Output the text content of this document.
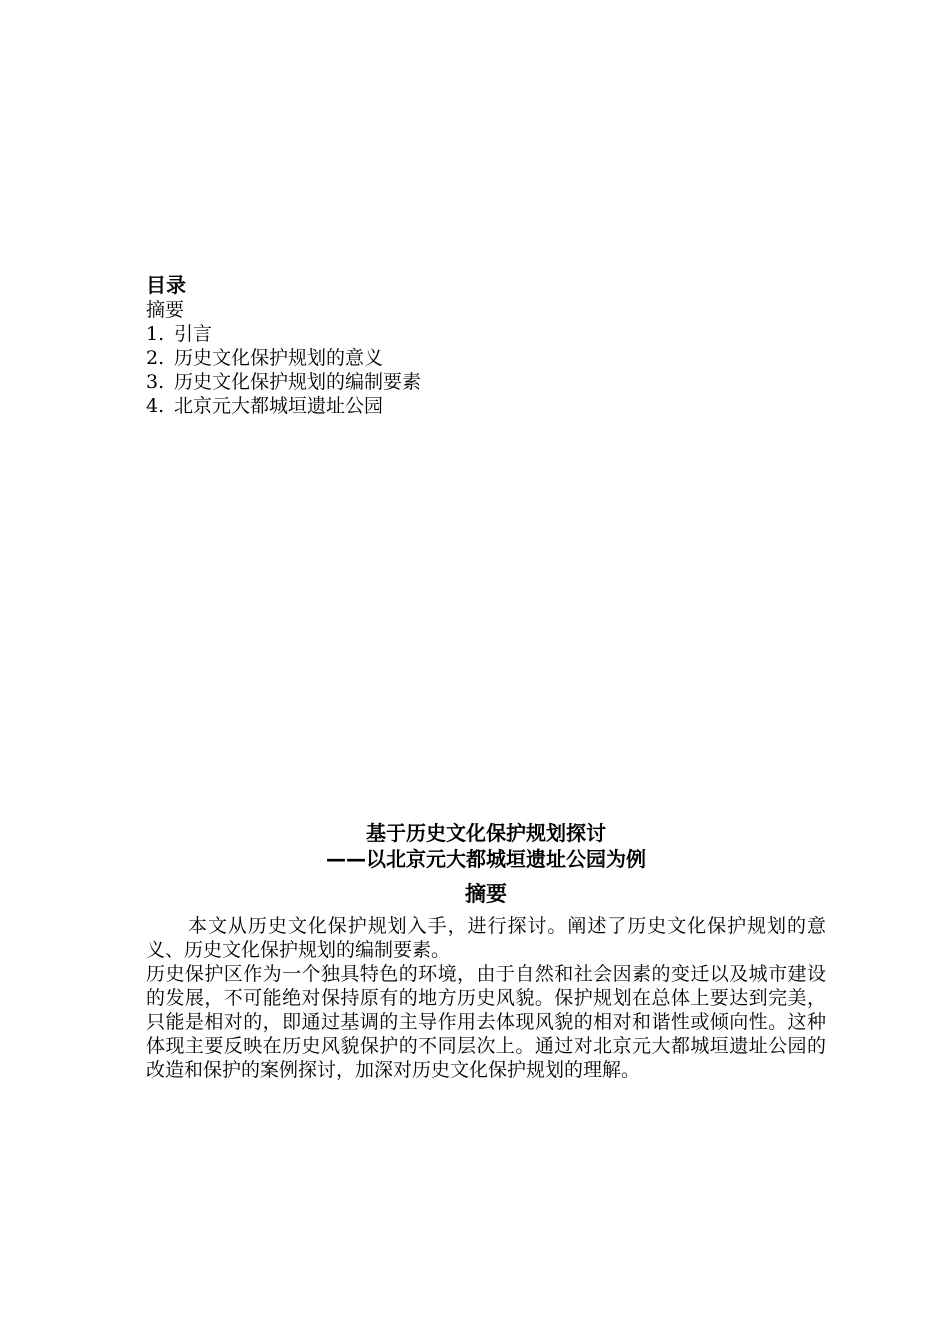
目录
摘要
1. 引言
2. 历史文化保护规划的意义
3. 历史文化保护规划的编制要素
4. 北京元大都城垣遗址公园
基于历史文化保护规划探讨
——以北京元大都城垣遗址公园为例
摘要

本文从历史文化保护规划入手，进行探讨。阐述了历史文化保护规划的意义、历史文化保护规划的编制要素。

历史保护区作为一个独具特色的环境，由于自然和社会因素的变迁以及城市建设的发展，不可能绝对保持原有的地方历史风貌。保护规划在总体上要达到完美，只能是相对的，即通过基调的主导作用去体现风貌的相对和谐性或倾向性。这种体现主要反映在历史风貌保护的不同层次上。通过对北京元大都城垣遗址公园的改造和保护的案例探讨，加深对历史文化保护规划的理解。
